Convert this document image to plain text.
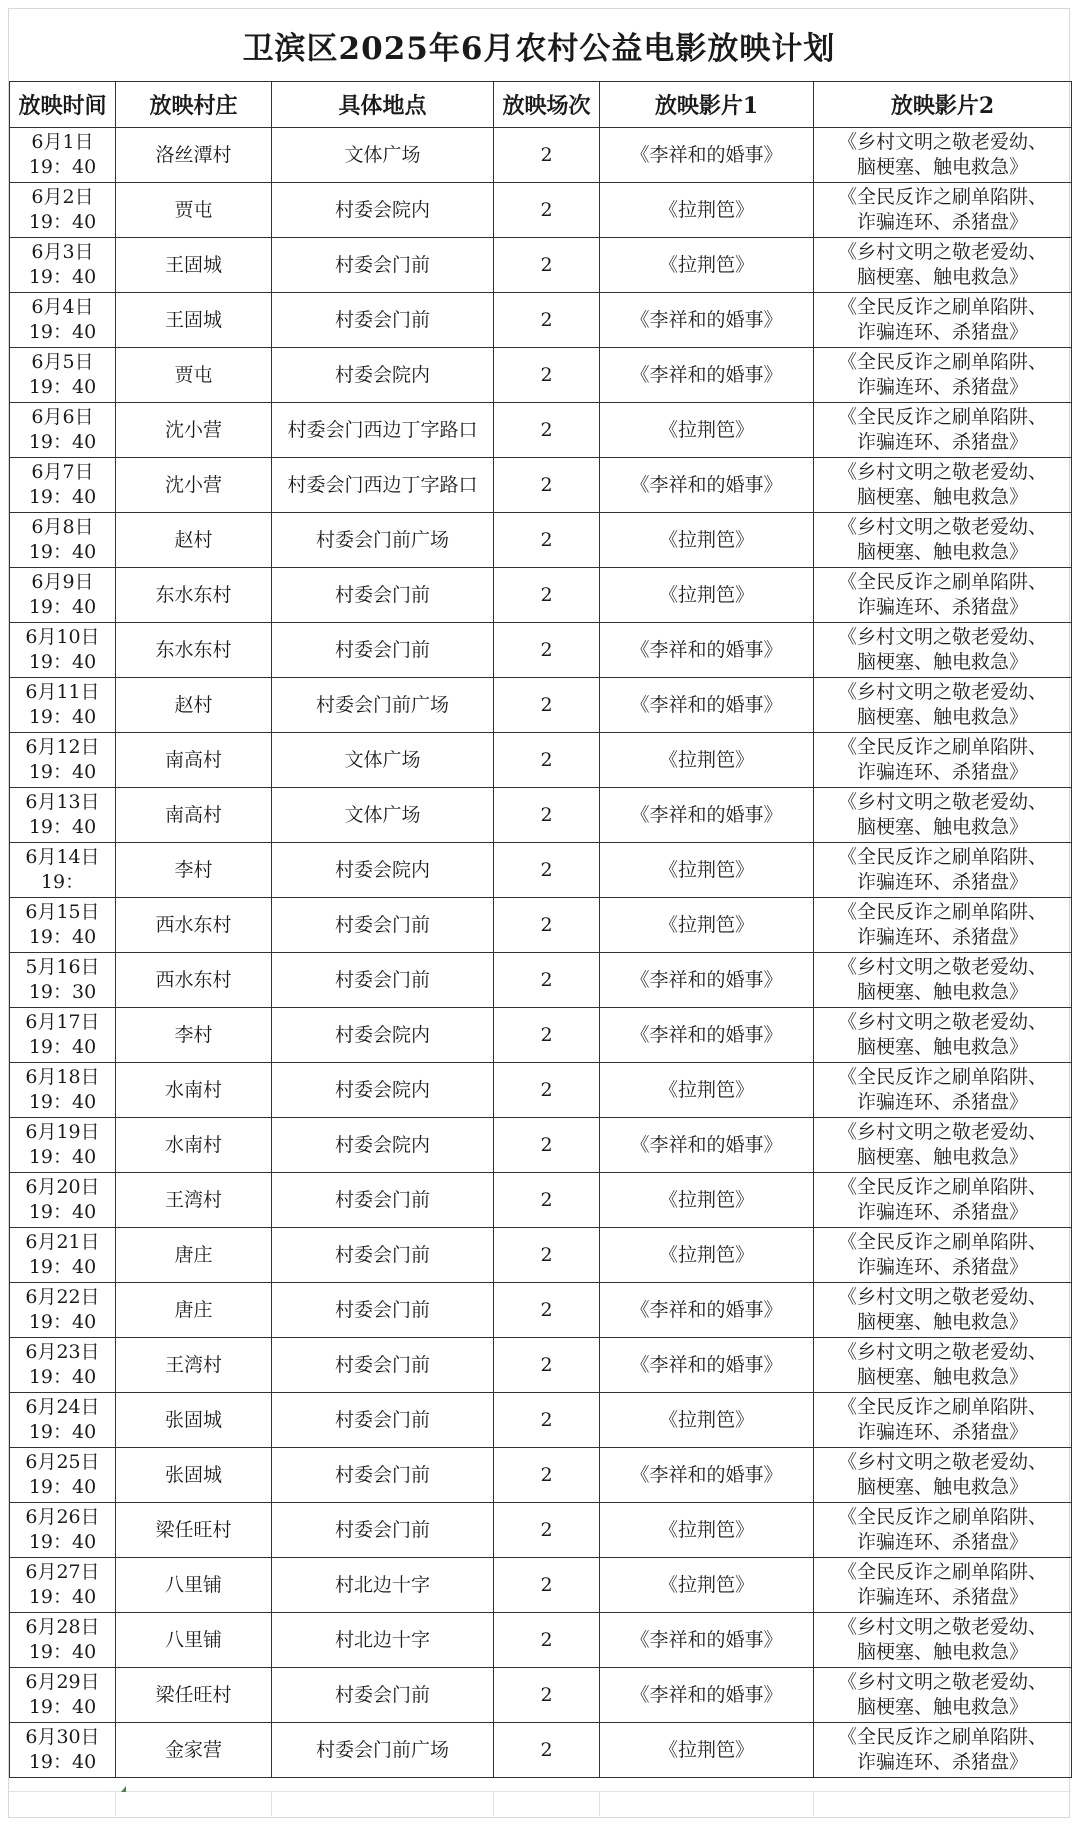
卫滨区2025年6月农村公益电影放映计划
放映时间	放映村庄	具体地点	放映场次	放映影片1	放映影片2

6月1日
19：40	洛丝潭村	文体广场	2	《李祥和的婚事》	《乡村文明之敬老爱幼、
脑梗塞、触电救急》

6月2日
19：40	贾屯	村委会院内	2	《拉荆笆》	《全民反诈之刷单陷阱、
诈骗连环、杀猪盘》

6月3日
19：40	王固城	村委会门前	2	《拉荆笆》	《乡村文明之敬老爱幼、
脑梗塞、触电救急》

6月4日
19：40	王固城	村委会门前	2	《李祥和的婚事》	《全民反诈之刷单陷阱、
诈骗连环、杀猪盘》

6月5日
19：40	贾屯	村委会院内	2	《李祥和的婚事》	《全民反诈之刷单陷阱、
诈骗连环、杀猪盘》

6月6日
19：40	沈小营	村委会门西边丁字路口	2	《拉荆笆》	《全民反诈之刷单陷阱、
诈骗连环、杀猪盘》

6月7日
19：40	沈小营	村委会门西边丁字路口	2	《李祥和的婚事》	《乡村文明之敬老爱幼、
脑梗塞、触电救急》

6月8日
19：40	赵村	村委会门前广场	2	《拉荆笆》	《乡村文明之敬老爱幼、
脑梗塞、触电救急》

6月9日
19：40	东水东村	村委会门前	2	《拉荆笆》	《全民反诈之刷单陷阱、
诈骗连环、杀猪盘》

6月10日
19：40	东水东村	村委会门前	2	《李祥和的婚事》	《乡村文明之敬老爱幼、
脑梗塞、触电救急》

6月11日
19：40	赵村	村委会门前广场	2	《李祥和的婚事》	《乡村文明之敬老爱幼、
脑梗塞、触电救急》

6月12日
19：40	南高村	文体广场	2	《拉荆笆》	《全民反诈之刷单陷阱、
诈骗连环、杀猪盘》

6月13日
19：40	南高村	文体广场	2	《李祥和的婚事》	《乡村文明之敬老爱幼、
脑梗塞、触电救急》

6月14日
19：	李村	村委会院内	2	《拉荆笆》	《全民反诈之刷单陷阱、
诈骗连环、杀猪盘》

6月15日
19：40	西水东村	村委会门前	2	《拉荆笆》	《全民反诈之刷单陷阱、
诈骗连环、杀猪盘》

5月16日
19：30	西水东村	村委会门前	2	《李祥和的婚事》	《乡村文明之敬老爱幼、
脑梗塞、触电救急》

6月17日
19：40	李村	村委会院内	2	《李祥和的婚事》	《乡村文明之敬老爱幼、
脑梗塞、触电救急》

6月18日
19：40	水南村	村委会院内	2	《拉荆笆》	《全民反诈之刷单陷阱、
诈骗连环、杀猪盘》

6月19日
19：40	水南村	村委会院内	2	《李祥和的婚事》	《乡村文明之敬老爱幼、
脑梗塞、触电救急》

6月20日
19：40	王湾村	村委会门前	2	《拉荆笆》	《全民反诈之刷单陷阱、
诈骗连环、杀猪盘》

6月21日
19：40	唐庄	村委会门前	2	《拉荆笆》	《全民反诈之刷单陷阱、
诈骗连环、杀猪盘》

6月22日
19：40	唐庄	村委会门前	2	《李祥和的婚事》	《乡村文明之敬老爱幼、
脑梗塞、触电救急》

6月23日
19：40	王湾村	村委会门前	2	《李祥和的婚事》	《乡村文明之敬老爱幼、
脑梗塞、触电救急》

6月24日
19：40	张固城	村委会门前	2	《拉荆笆》	《全民反诈之刷单陷阱、
诈骗连环、杀猪盘》

6月25日
19：40	张固城	村委会门前	2	《李祥和的婚事》	《乡村文明之敬老爱幼、
脑梗塞、触电救急》

6月26日
19：40	梁任旺村	村委会门前	2	《拉荆笆》	《全民反诈之刷单陷阱、
诈骗连环、杀猪盘》

6月27日
19：40	八里铺	村北边十字	2	《拉荆笆》	《全民反诈之刷单陷阱、
诈骗连环、杀猪盘》

6月28日
19：40	八里铺	村北边十字	2	《李祥和的婚事》	《乡村文明之敬老爱幼、
脑梗塞、触电救急》

6月29日
19：40	梁任旺村	村委会门前	2	《李祥和的婚事》	《乡村文明之敬老爱幼、
脑梗塞、触电救急》

6月30日
19：40	金家营	村委会门前广场	2	《拉荆笆》	《全民反诈之刷单陷阱、
诈骗连环、杀猪盘》
